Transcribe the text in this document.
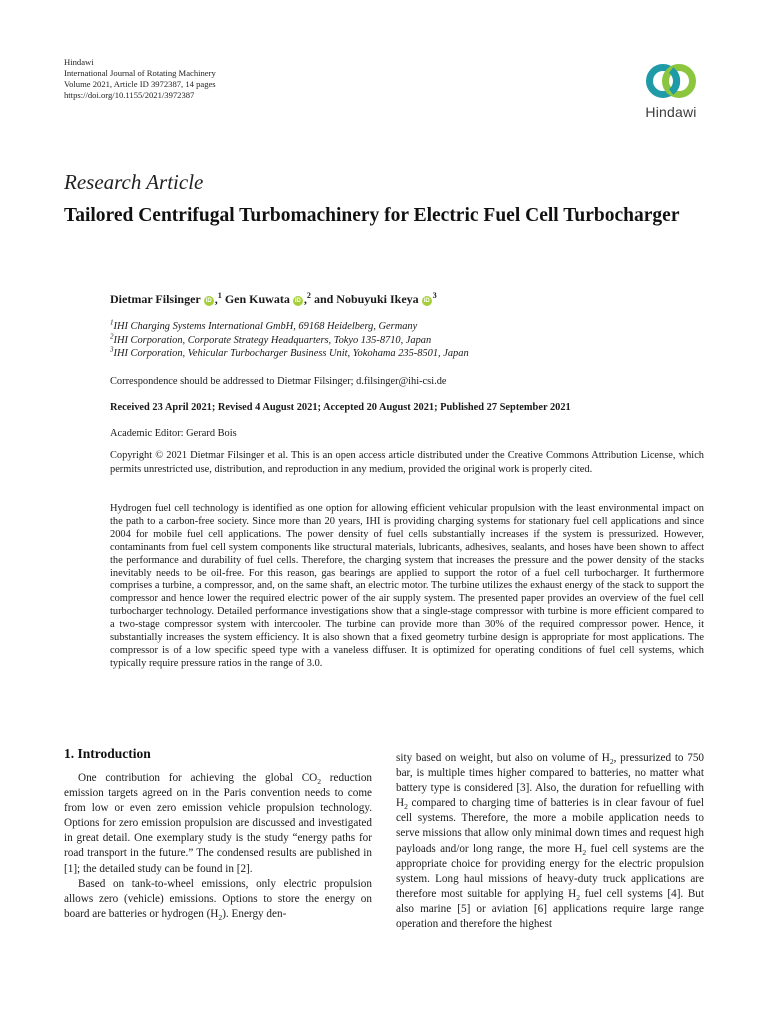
Hindawi
International Journal of Rotating Machinery
Volume 2021, Article ID 3972387, 14 pages
https://doi.org/10.1155/2021/3972387
Hindawi
Research Article
Tailored Centrifugal Turbomachinery for Electric Fuel Cell Turbocharger
Dietmar Filsinger iD ,$^1$ Gen Kuwata iD ,$^2$ and Nobuyuki Ikeya $iD^3$
$^1$IHI Charging Systems International GmbH, 69168 Heidelberg, Germany
$^2$IHI Corporation, Corporate Strategy Headquarters, Tokyo 135-8710, Japan
$^3$IHI Corporation, Vehicular Turbocharger Business Unit, Yokohama 235-8501, Japan
Correspondence should be addressed to Dietmar Filsinger; d.filsinger@ihi-csi.de
Received 23 April 2021; Revised 4 August 2021; Accepted 20 August 2021; Published 27 September 2021
Academic Editor: Gerard Bois
Copyright © 2021 Dietmar Filsinger et al. This is an open access article distributed under the Creative Commons Attribution License, which permits unrestricted use, distribution, and reproduction in any medium, provided the original work is properly cited.
Hydrogen fuel cell technology is identified as one option for allowing efficient vehicular propulsion with the least environmental impact on the path to a carbon-free society. Since more than 20 years, IHI is providing charging systems for stationary fuel cell applications and since 2004 for mobile fuel cell applications. The power density of fuel cells substantially increases if the system is pressurized. However, contaminants from fuel cell system components like structural materials, lubricants, adhesives, sealants, and hoses have been shown to affect the performance and durability of fuel cells. Therefore, the charging system that increases the pressure and the power density of the stacks inevitably needs to be oil-free. For this reason, gas bearings are applied to support the rotor of a fuel cell turbocharger. It furthermore comprises a turbine, a compressor, and, on the same shaft, an electric motor. The turbine utilizes the exhaust energy of the stack to support the compressor and hence lower the required electric power of the air supply system. The presented paper provides an overview of the fuel cell turbocharger technology. Detailed performance investigations show that a single-stage compressor with turbine is more efficient compared to a two-stage compressor system with intercooler. The turbine can provide more than 30% of the required compressor power. Hence, it substantially increases the system efficiency. It is also shown that a fixed geometry turbine design is appropriate for most applications. The compressor is of a low specific speed type with a vaneless diffuser. It is optimized for operating conditions of fuel cell systems, which typically require pressure ratios in the range of 3.0.
1. Introduction

One contribution for achieving the global $CO_2$ reduction emission targets agreed on in the Paris convention needs to come from low or even zero emission vehicle propulsion technology. Options for zero emission propulsion are discussed and investigated in great detail. One exemplary study is the study “energy paths for road transport in the future.” The condensed results are published in [1]; the detailed study can be found in [2].

Based on tank-to-wheel emissions, only electric propulsion allows zero (vehicle) emissions. Options to store the energy on board are batteries or hydrogen $(H_2)$. Energy den-

sity based on weight, but also on volume of $H_2$, pressurized to 750 bar, is multiple times higher compared to batteries, no matter what battery type is considered [3]. Also, the duration for refuelling with $H_2$ compared to charging time of batteries is in clear favour of fuel cell systems. Therefore, the more a mobile application needs to serve missions that allow only minimal down times and request high payloads and/or long range, the more $H_2$ fuel cell systems are the appropriate choice for providing energy for the electric propulsion system. Long haul missions of heavy-duty truck applications are therefore most suitable for applying $H_2$ fuel cell systems [4]. But also marine [5] or aviation [6] applications require large range operation and therefore the highest
